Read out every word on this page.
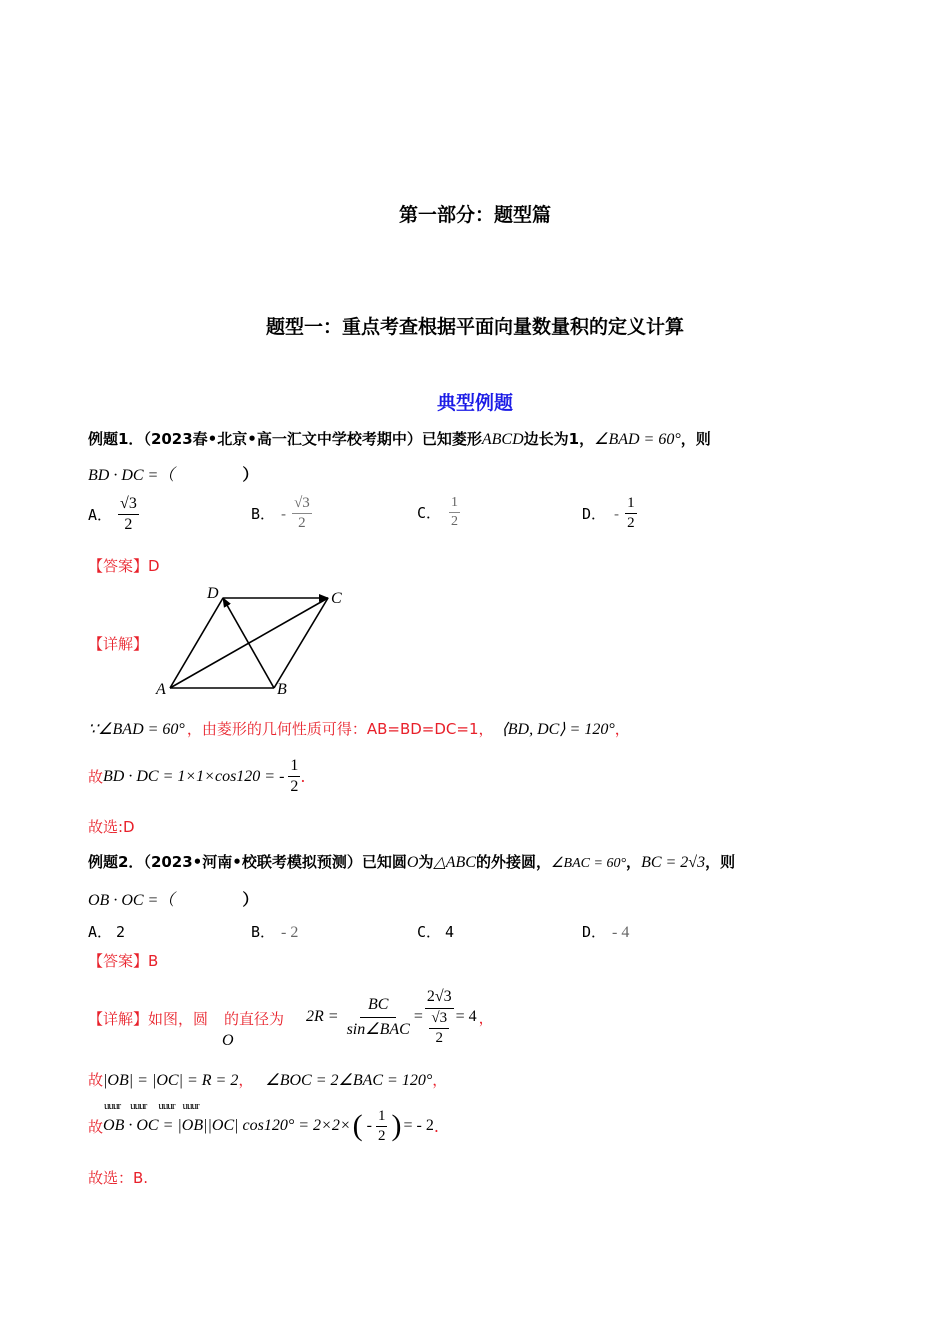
第一部分：题型篇
题型一：重点考查根据平面向量数量积的定义计算
典型例题
例题1．（2023春•北京•高一汇文中学校考期中）已知菱形ABCD边长为1，∠BAD = 60°，则
BD · DC =（	）
A． $\frac{√3}{2}$	B． - $\frac{√3}{2}$	C． $\frac{1}{2}$	D． - $\frac{1}{2}$
【答案】D
【详解】
A	B
C
D
∵∠BAD = 60° ，由菱形的几何性质可得：AB=BD=DC=1， ⟨BD, DC⟩ = 120° ，
故 BD · DC = 1×1×cos120 = - $\frac{1}{2}$ .
故选:D
例题2．（2023•河南•校联考模拟预测）已知圆O为△ABC的外接圆，∠BAC = 60°，BC = 2√3，则
OB · OC =（	）
A． 2	B． - 2	C． 4	D． - 4
【答案】B
【详解】如图，圆 的直径为
O
$2R = \frac{BC}{\text{sin∠BAC}} = \frac{2√3}{\frac{√3}{2}} = 4$ ，
故|OB| = |OC| = R = 2， ∠BOC = 2∠BAC = 120°，
uuur uuur uuur uuur
故 OB · OC = |OB||OC| cos120° = 2×2× ( - $\frac{1}{2}$ ) = - 2 .
故选：B.
